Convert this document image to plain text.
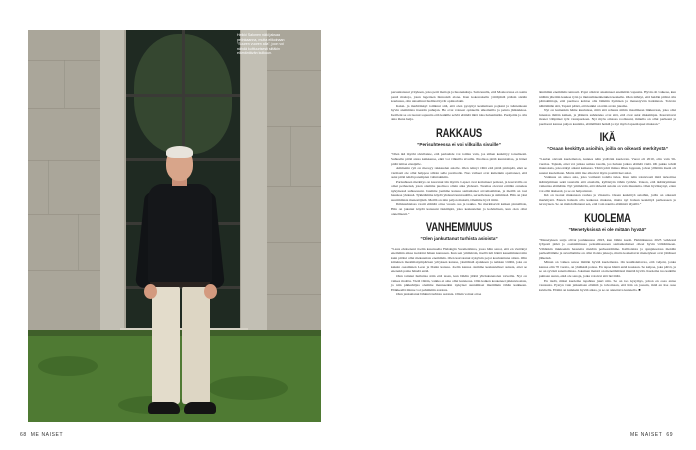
Heikki Salonen näki jaksaa pelinkaanna, mutta elikoinaan ”Suuren vuoren alla”, joon voi nähdä kulttuurisesti siitäkin elämäntävän kulkuun.
68 ME NAISET	ME NAISET 69

persuntanssat yrityksen, joka perii mattoja ja huonekaluja. Sain kuulla, että Moskovassa ei osattu pestä mattoja, joten lagerisen hinnoistä alone. Kun kokonaisella yrittäjänlä pääsin sisään koulusuu, olin ainaalinut hudilesi hyvät opintoriskit.

Kaksi- ja marhiäiskyt toiminut sitä, että olen pystynyt keulumaan pojkani ja isäntenkaan hyvin aiemmista itsestän puhujan. He ovat voineet opiskella ulkomailla ja pelata jääkiekkoa. Isoilleni se on tuonut sopuutta että kaikille selviä elämää mitä idea haluamatiin. Puoljeitia ja olla aina ihana hetja.

RAKKAUS
”Perisuhteessa ei voi vilkuilla sivuille”

”Olen ikä myöhi sivullanne, että parisuhde voi toimia vain, jos siihen keskittyy totaalisesti. Suhteelle pitää antaa kaikkensa, eikä voi vilkuilla sivuille. Puolisoa pitää kunnioittaa, ja hänet pitää laittaa etusijalle.

Ammenin ryti on meosyy rakkauden asiolle. Olen tehnyt väliä että pitää pärinpää, eikä se varmasti ole ollut helppoa silloin selle puolisolle. Nuo vaiheet ovat kuitenkin opettaneet, että asiat pitää tehdä parempien valintainkiin.

Parisuhteen merkitys on kasvanut iän myötä. Lapset ovat kotiuineet poikasi, ja kasvavilla on omat perheensä, joten olemme puolisoa ollein aika yhdessä. Tuomas olevani erittäin onnekas nykyisessä suhteessani. Jaamme jaamme kanssa samanlaiset arvomaailman, ja meillä on tosi hauskaa yhdessä. Tykkäämme käydä yhdessä kuntosalilla, seruollenssa ja simmissä. Hän on yksi suurimmista menestäjistä. Meillä on niin paljon muksiä, Olemme hyvä tiimi.

Ihmissuhteissa vaatii elämää ottaa vuosia osa ja taakka. Ne merkitsevät kaiken pinnallisia, Hän on jakanut käydä kanssani tiukimpiä, joka keskustelun ja kohdaltaan, kun olen ollut onnellisesti.”

VANHEMMUUS
”Olen jankuttanut turhista asioista”

”Lasta ehdoenani Joelin kasataselia Helsingin Suomenlinna, jossa häin sanoi, että en viettänyt enemmän aikaa isoisiäni hänen kanssaan. Kun sen ymmärsin, itsellä tuli häntä kauemmaksi niin kuin pitäisi ollut mekaanista enemmän. Olen kasvatanut nykyisin pojat koulutettuna sitten. Olin kiireinen maailmanympärisen yrityksen kanssa, yksittäisiä ajatuksen ja nahkan välillä, joka on kaksin osaaminen Leon ja Danin kanssa. Joelin kanssa olemme keskustelleet asiasta, ettei se enenekä paina hänelä enää.

Olen tainnut huiluttaa näin että tasan, kun lähdin jäätiä yliräukstenolen toiveilta. Nyt on vaikea moittia. Vielä vähän, vaikka ei aina ollut kunnossa. Olin kaiken koskeneet pikkuvuosista, ja niin pikkuhiljaa olemme menneetkin nykyiset sunnimiset mietiiäkin tähän kaikkeen. Eläkkeellä minne voi pahimmin asioista.

Olen jankuttanut lähinnä turhista asioista. Olisin voinut ottaa

ännmmin enemmän rennosti. Pojat olisivat ansainneet enemmän vapautta. Hyvin oli vaikeaa, kun nitähin jätettiin kaukaa työn ja muisteliskenhenkien keskelle. Olen nähnyt, että heidän pitäisi olla päätoimittaja, että puolisoa kohtaa olla lämmin hymisen ja menestyvän harkinnan. Toivoin nähtämään sitä, Tapani pääsä, että kaikki on näin avoin jakama.

Nyt on kuitenkin häme kuuluisaa, mitä sitä rehusta niihin maailmaan liikkuvaan, joka olisi lunastaa tämän kaiken, ja jäännös suhdeteko ovat sitä, että ovat asiat rikkaimpia. Kasvattavat monet välipäiset työt vastapuoleen. Nyt myös omassa roolissani, minulla on ollut perheeni ja puolisoni kanssa paljon kauniita, elämällisiä hetkiä ja nyt myös lapsenlapset mukaan.”

IKÄ
”Osaan keskittyä asioihin, joilla on oikeasti merkitystä”

”Laulan olevani kuolematon, kunnes näin ystäväni kuolevan. Vuosi oli 2010, olin vain 56-vuotias. Tajusin, ettei voi jatkaa samaa tasolla, jos haluan jatkaa elämää vielä. Oli pakko tehdä muutoksia, joka näkyi aikani kaikessa. Tämä johti minua lähes loppuun, johon yllättäin itseni oli saanut kuolemaan. Mutta siitä itse alkoivat myös positiiviset asiat.

Vanhuus on ainoa asia, joka varmasti todella tulee. Kun näin toistuvasti mitä tarkoittaa ikääntyminen sekä taustalla että etualalla, kyllästyin tähän työhön. Uskon, että ikääntyminen vaikuttaa elämääni. Nyt ymmärrän, että tärkeitä asioita on vain muutama. Olen hyväksynyt, etten voi elää ikuisesti, ja se on helpottanut.

Ikä on tuonut mukanaan rauhaa ja viisautta. Osaan keskittyä asioihin, joilla on oikeasti merkitystä. Ennen halusin olla kaikessa mukana, mutta nyt haluan keskittyä perheeseen ja terveyteen. Se on mahdollistanut sen, että voin nauttia elämästä täysillä.”

KUOLEMA
”Menetyksissä ei ole mitään hyvää”

”Menetyksen surja olivat joulukuussa 2023, kun lähtin kuoli. Helmikuussa 2023 vehdessä lyhyesti pitkä jo osaisimmassa pelaamisessaan samankaltaiset olleet hyvin välttämiseen. Vähänkin tiukkaakin haastetta meidän perheestämme. Kallioisista ja ajanjaksoissa meidän perheellämme ja suvullamme on ollut iloisia jaksoja, mutta koskettavat menetykset ovat jättäneet jälkensä.

Minun on vaikea sanoa mitään hyvää kuolemasta. On kauhistuttavaa, että veljeni, jonka kanssa elin 70 vuotta, on yhtäkkiä poissa. En tapaa häntä enää koskaan. Se kalpaa, joka päivä, ja se on syvästi sanattomissa. Jokainen meistä on menettämässä mietää hyvää. Kuolema tuo kaikille puhtaan surun, eikä ole sanoja, jotka voisivat sitä lievittää.

En tiedä, miksi kuolema tapahtuu juuri niin. Se on iso kysymys, johon en osaa antaa vastausta. Pystyn vain jatkamaan elämää ja toivomaan, että hän on jossain, mitä en itse osaa kuvitella. Elämä on kaikkein hyvää aikaa, ja se on annettava kunnolla. ■
